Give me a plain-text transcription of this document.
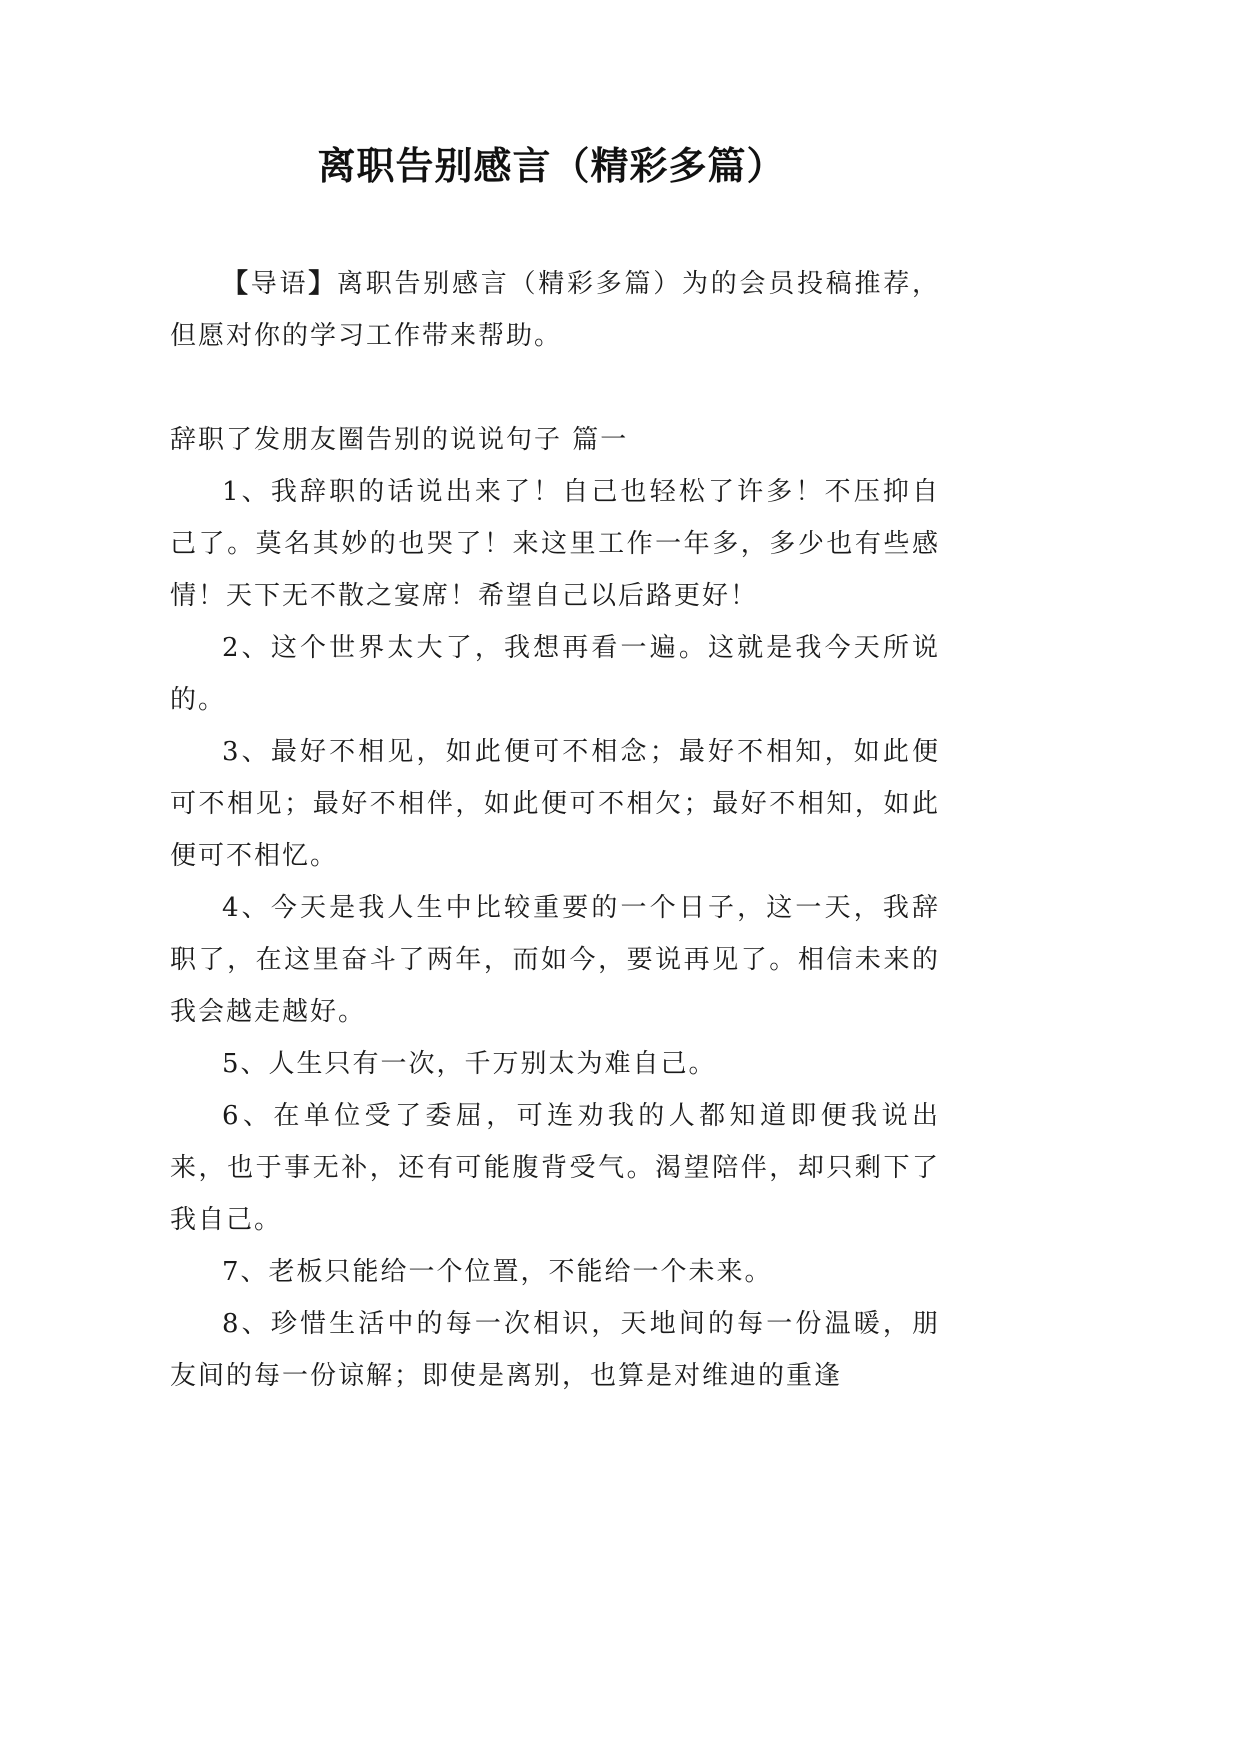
离职告别感言（精彩多篇）

【导语】离职告别感言（精彩多篇）为的会员投稿推荐，但愿对你的学习工作带来帮助。

辞职了发朋友圈告别的说说句子 篇一

1、我辞职的话说出来了！自己也轻松了许多！不压抑自己了。莫名其妙的也哭了！来这里工作一年多，多少也有些感情！天下无不散之宴席！希望自己以后路更好！

2、这个世界太大了，我想再看一遍。这就是我今天所说的。

3、最好不相见，如此便可不相念；最好不相知，如此便可不相见；最好不相伴，如此便可不相欠；最好不相知，如此便可不相忆。

4、今天是我人生中比较重要的一个日子，这一天，我辞职了，在这里奋斗了两年，而如今，要说再见了。相信未来的我会越走越好。

5、人生只有一次，千万别太为难自己。

6、在单位受了委屈，可连劝我的人都知道即便我说出来，也于事无补，还有可能腹背受气。渴望陪伴，却只剩下了我自己。

7、老板只能给一个位置，不能给一个未来。

8、珍惜生活中的每一次相识，天地间的每一份温暖，朋友间的每一份谅解；即使是离别，也算是对维迪的重逢
